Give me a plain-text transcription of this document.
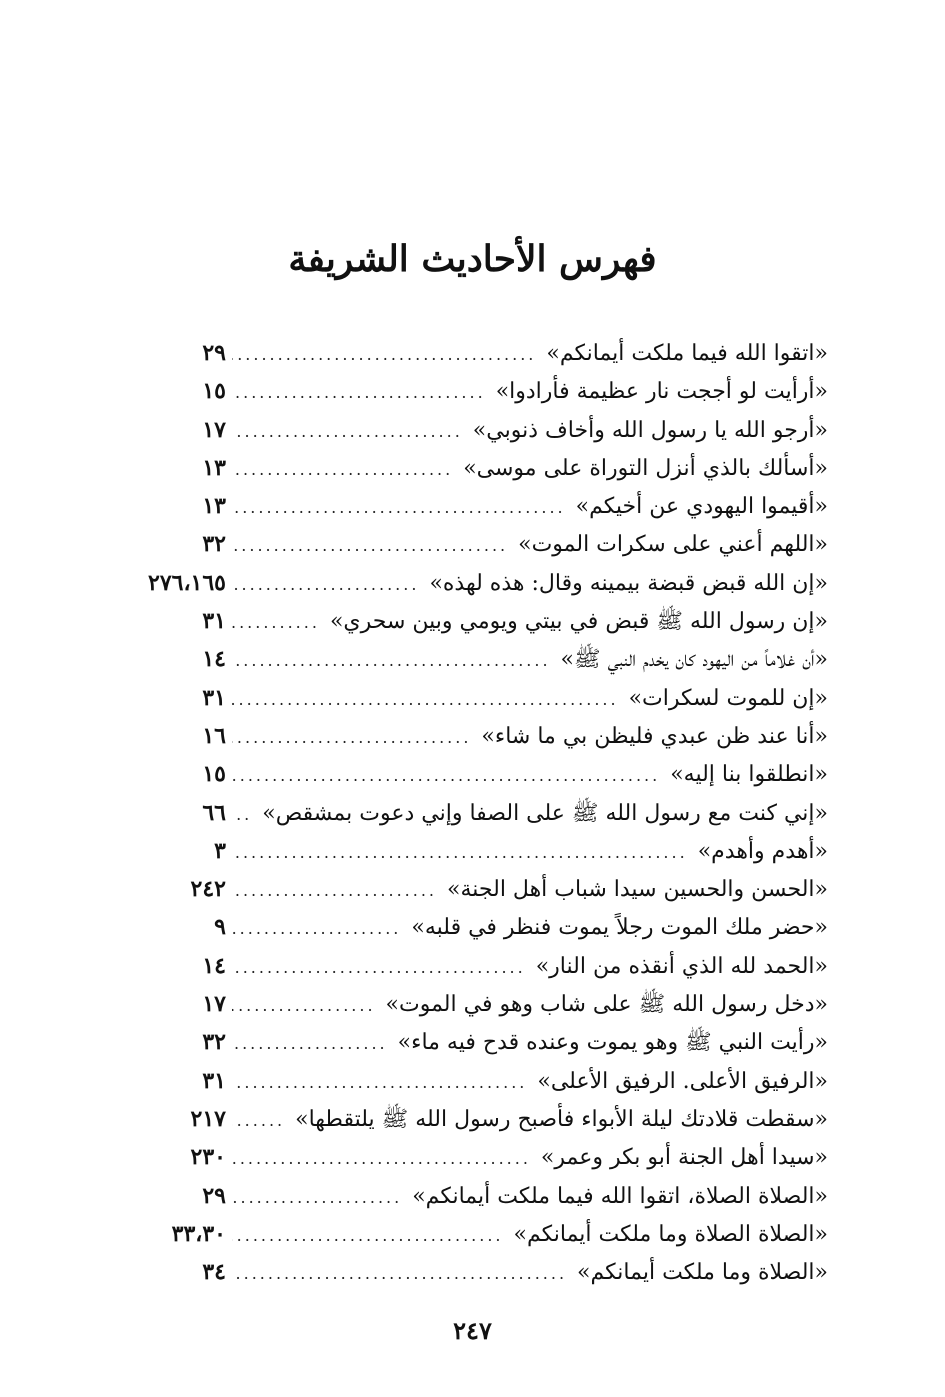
فهرس الأحاديث الشريفة
«اتقوا الله فيما ملكت أيمانكم»
.....
٢٩
«أرأيت لو أججت نار عظيمة فأرادوا»
.....
١٥
«أرجو الله يا رسول الله وأخاف ذنوبي»
.....
١٧
«أسألك بالذي أنزل التوراة على موسى»
.....
١٣
«أقيموا اليهودي عن أخيكم»
.....
١٣
«اللهم أعني على سكرات الموت»
.....
٣٢
«إن الله قبض قبضة بيمينه وقال: هذه لهذه»
.....
٢٧٦،١٦٥
«إن رسول الله ﷺ قبض في بيتي ويومي وبين سحري»
.....
٣١
«أن غلاماً من اليهود كان يخدم النبي ﷺ»
.....
١٤
«إن للموت لسكرات»
.....
٣١
«أنا عند ظن عبدي فليظن بي ما شاء»
.....
١٦
«انطلقوا بنا إليه»
.....
١٥
«إني كنت مع رسول الله ﷺ على الصفا وإني دعوت بمشقص»
.....
٦٦
«أهدم وأهدم»
.....
٣
«الحسن والحسين سيدا شباب أهل الجنة»
.....
٢٤٢
«حضر ملك الموت رجلاً يموت فنظر في قلبه»
.....
٩
«الحمد لله الذي أنقذه من النار»
.....
١٤
«دخل رسول الله ﷺ على شاب وهو في الموت»
.....
١٧
«رأيت النبي ﷺ وهو يموت وعنده قدح فيه ماء»
.....
٣٢
«الرفيق الأعلى. الرفيق الأعلى»
.....
٣١
«سقطت قلادتك ليلة الأبواء فأصبح رسول الله ﷺ يلتقطها»
.....
٢١٧
«سيدا أهل الجنة أبو بكر وعمر»
.....
٢٣٠
«الصلاة الصلاة، اتقوا الله فيما ملكت أيمانكم»
.....
٢٩
«الصلاة الصلاة وما ملكت أيمانكم»
.....
٣٣،٣٠
«الصلاة وما ملكت أيمانكم»
.....
٣٤
٢٤٧
